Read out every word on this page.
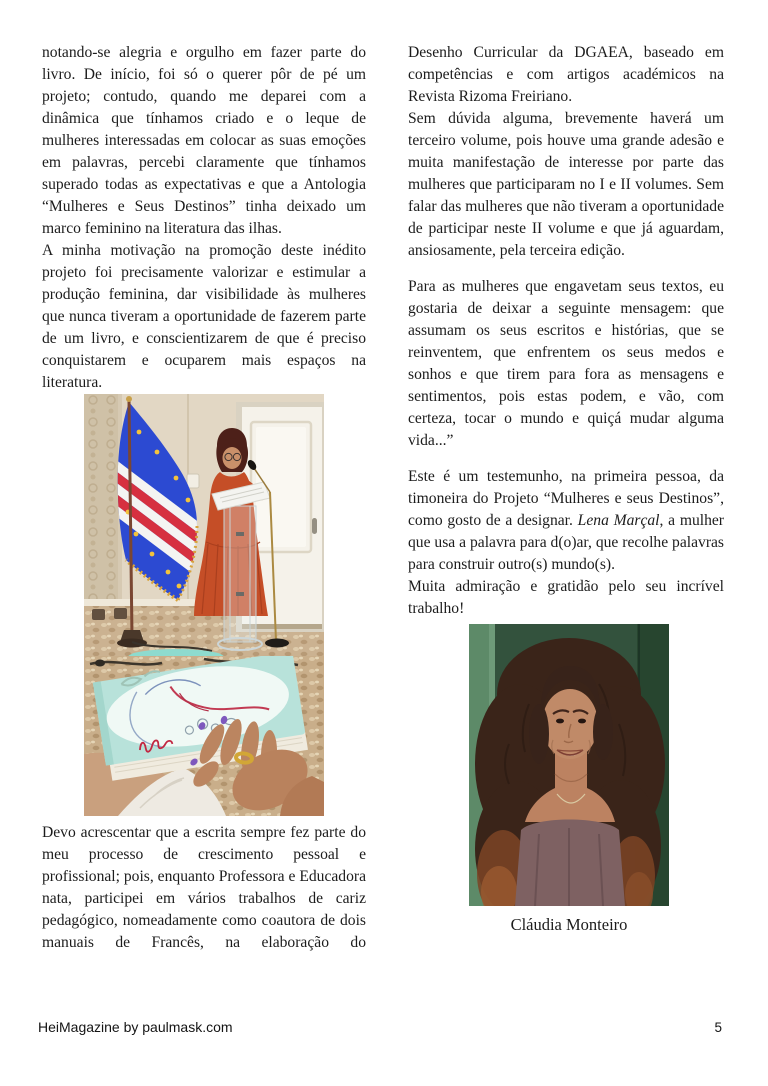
notando-se alegria e orgulho em fazer parte do livro. De início, foi só o querer pôr de pé um projeto; contudo, quando me deparei com a dinâmica que tínhamos criado e o leque de mulheres interessadas em colocar as suas emoções em palavras, percebi claramente que tínhamos superado todas as expectativas e que a Antologia “Mulheres e Seus Destinos” tinha deixado um marco feminino na literatura das ilhas.

A minha motivação na promoção deste inédito projeto foi precisamente valorizar e estimular a produção feminina, dar visibilidade às mulheres que nunca tiveram a oportunidade de fazerem parte de um livro, e conscientizarem de que é preciso conquistarem e ocuparem mais espaços na literatura.

Devo acrescentar que a escrita sempre fez parte do meu processo de crescimento pessoal e profissional; pois, enquanto Professora e Educadora nata, participei em vários trabalhos de cariz pedagógico, nomeadamente como coautora de dois manuais de Francês, na elaboração do

Desenho Curricular da DGAEA, baseado em competências e com artigos académicos na Revista Rizoma Freiriano.

Sem dúvida alguma, brevemente haverá um terceiro volume, pois houve uma grande adesão e muita manifestação de interesse por parte das mulheres que participaram no I e II volumes. Sem falar das mulheres que não tiveram a oportunidade de participar neste II volume e que já aguardam, ansiosamente, pela terceira edição.

Para as mulheres que engavetam seus textos, eu gostaria de deixar a seguinte mensagem: que assumam os seus escritos e histórias, que se reinventem, que enfrentem os seus medos e sonhos e que tirem para fora as mensagens e sentimentos, pois estas podem, e vão, com certeza, tocar o mundo e quiçá mudar alguma vida...”

Este é um testemunho, na primeira pessoa, da timoneira do Projeto “Mulheres e seus Destinos”, como gosto de a designar. Lena Marçal, a mulher que usa a palavra para d(o)ar, que recolhe palavras para construir outro(s) mundo(s).

Muita admiração e gratidão pelo seu incrível trabalho!

Cláudia Monteiro
HeiMagazine by paulmask.com	5
